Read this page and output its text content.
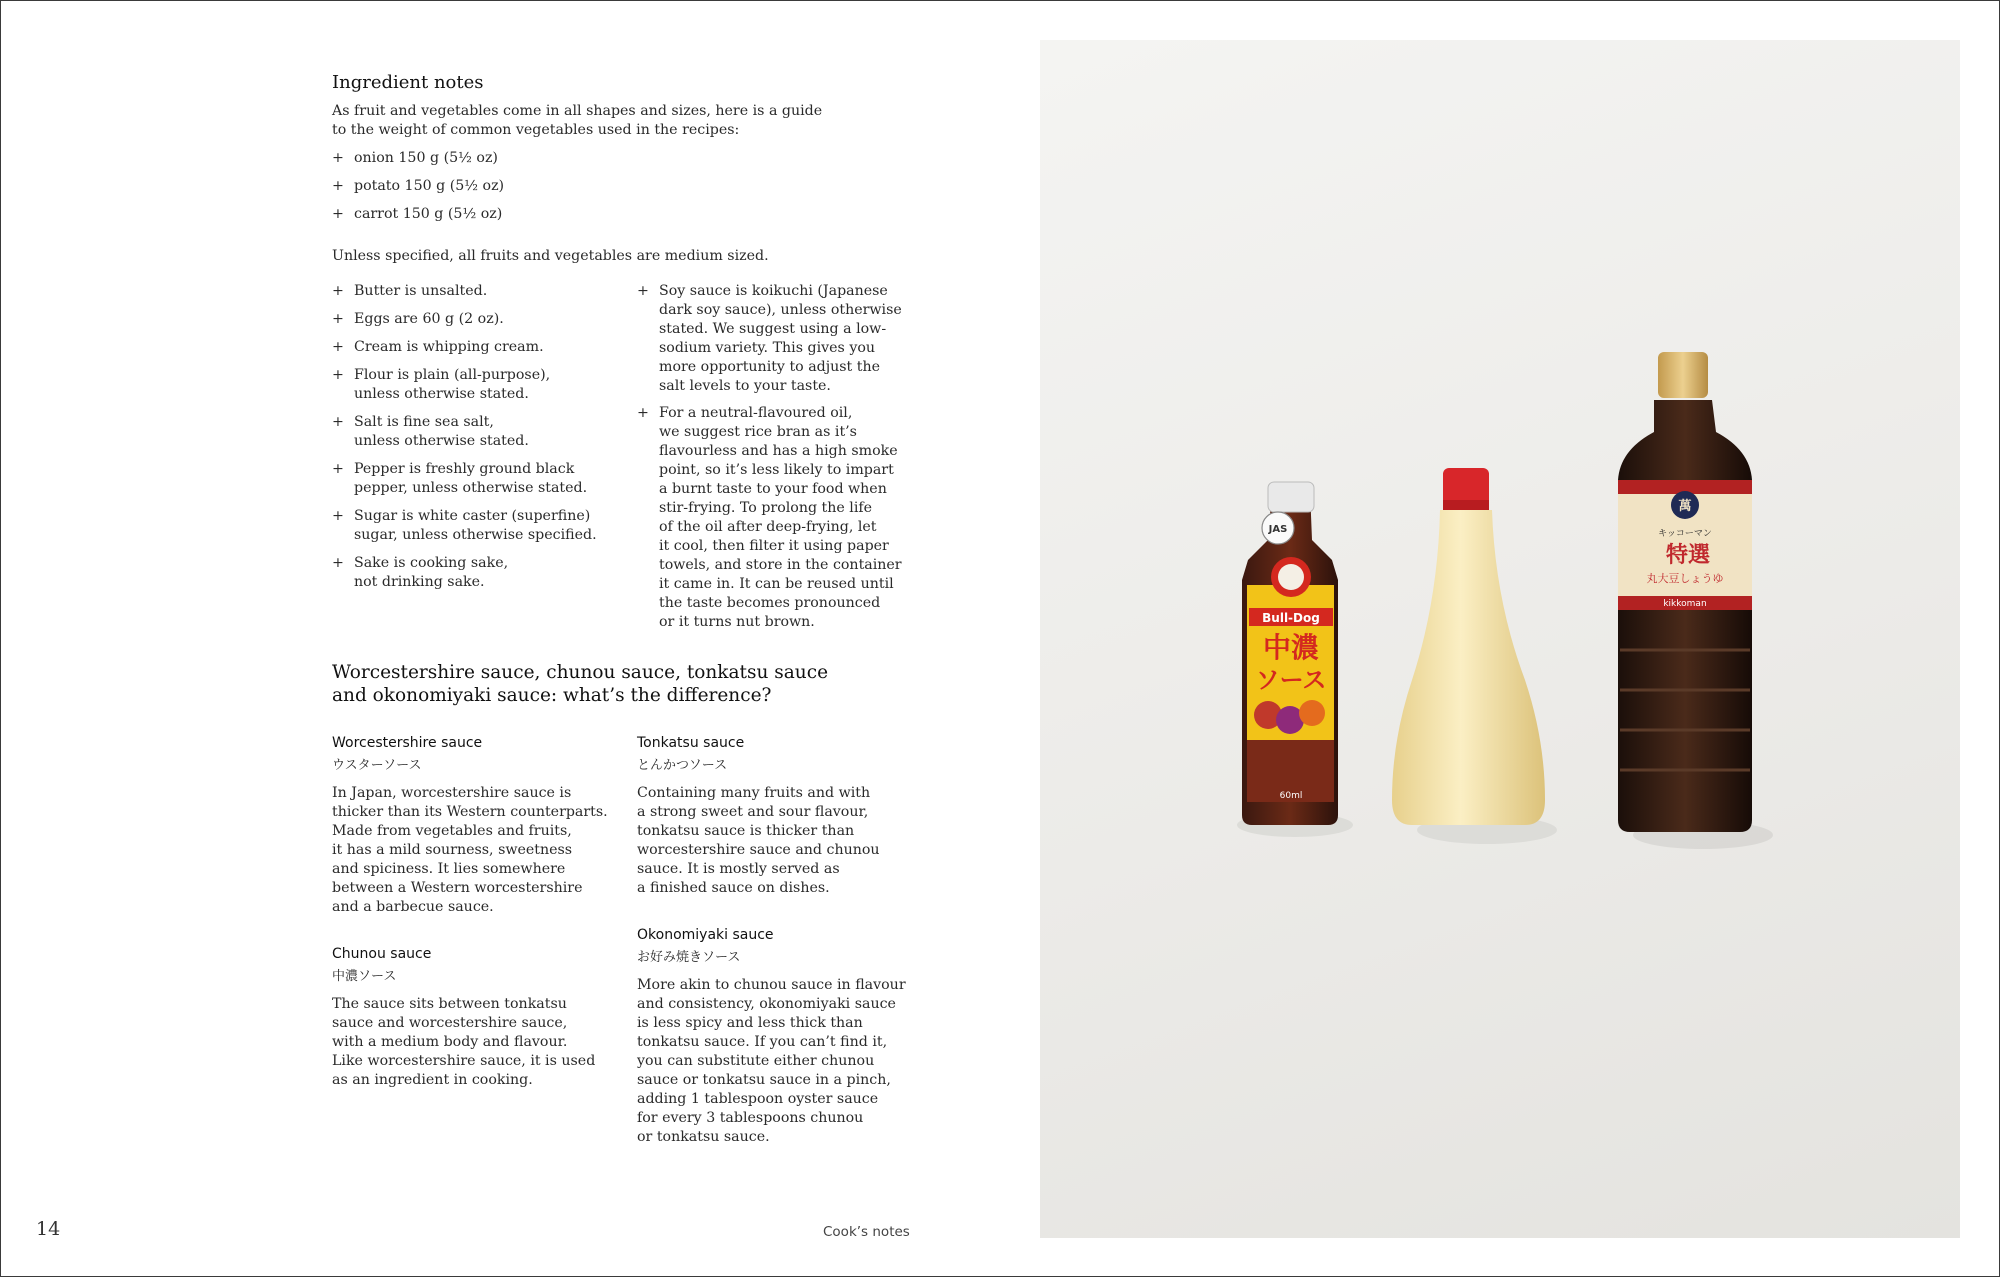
Ingredient notes

As fruit and vegetables come in all shapes and sizes, here is a guide
to the weight of common vegetables used in the recipes:

+ onion 150 g (5½ oz)
+ potato 150 g (5½ oz)
+ carrot 150 g (5½ oz)

Unless specified, all fruits and vegetables are medium sized.

+ Butter is unsalted.
+ Eggs are 60 g (2 oz).
+ Cream is whipping cream.
+ Flour is plain (all-purpose),
unless otherwise stated.
+ Salt is fine sea salt,
unless otherwise stated.
+ Pepper is freshly ground black
pepper, unless otherwise stated.
+ Sugar is white caster (superfine)
sugar, unless otherwise specified.
+ Sake is cooking sake,
not drinking sake.
+ Soy sauce is koikuchi (Japanese
dark soy sauce), unless otherwise
stated. We suggest using a low-
sodium variety. This gives you
more opportunity to adjust the
salt levels to your taste.
+ For a neutral-flavoured oil,
we suggest rice bran as it’s
flavourless and has a high smoke
point, so it’s less likely to impart
a burnt taste to your food when
stir-frying. To prolong the life
of the oil after deep-frying, let
it cool, then filter it using paper
towels, and store in the container
it came in. It can be reused until
the taste becomes pronounced
or it turns nut brown.
Worcestershire sauce, chunou sauce, tonkatsu sauce
and okonomiyaki sauce: what’s the difference?
Worcestershire sauce
ウスターソース

In Japan, worcestershire sauce is
thicker than its Western counterparts.
Made from vegetables and fruits,
it has a mild sourness, sweetness
and spiciness. It lies somewhere
between a Western worcestershire
and a barbecue sauce.

Chunou sauce
中濃ソース

The sauce sits between tonkatsu
sauce and worcestershire sauce,
with a medium body and flavour.
Like worcestershire sauce, it is used
as an ingredient in cooking.

Tonkatsu sauce
とんかつソース

Containing many fruits and with
a strong sweet and sour flavour,
tonkatsu sauce is thicker than
worcestershire sauce and chunou
sauce. It is mostly served as
a finished sauce on dishes.

Okonomiyaki sauce
お好み焼きソース

More akin to chunou sauce in flavour
and consistency, okonomiyaki sauce
is less spicy and less thick than
tonkatsu sauce. If you can’t find it,
you can substitute either chunou
sauce or tonkatsu sauce in a pinch,
adding 1 tablespoon oyster sauce
for every 3 tablespoons chunou
or tonkatsu sauce.

14	Cook’s notes
JAS
Bull-Dog
中濃
ソース
60ml
萬
キッコーマン
特選
丸大豆しょうゆ
kikkoman
